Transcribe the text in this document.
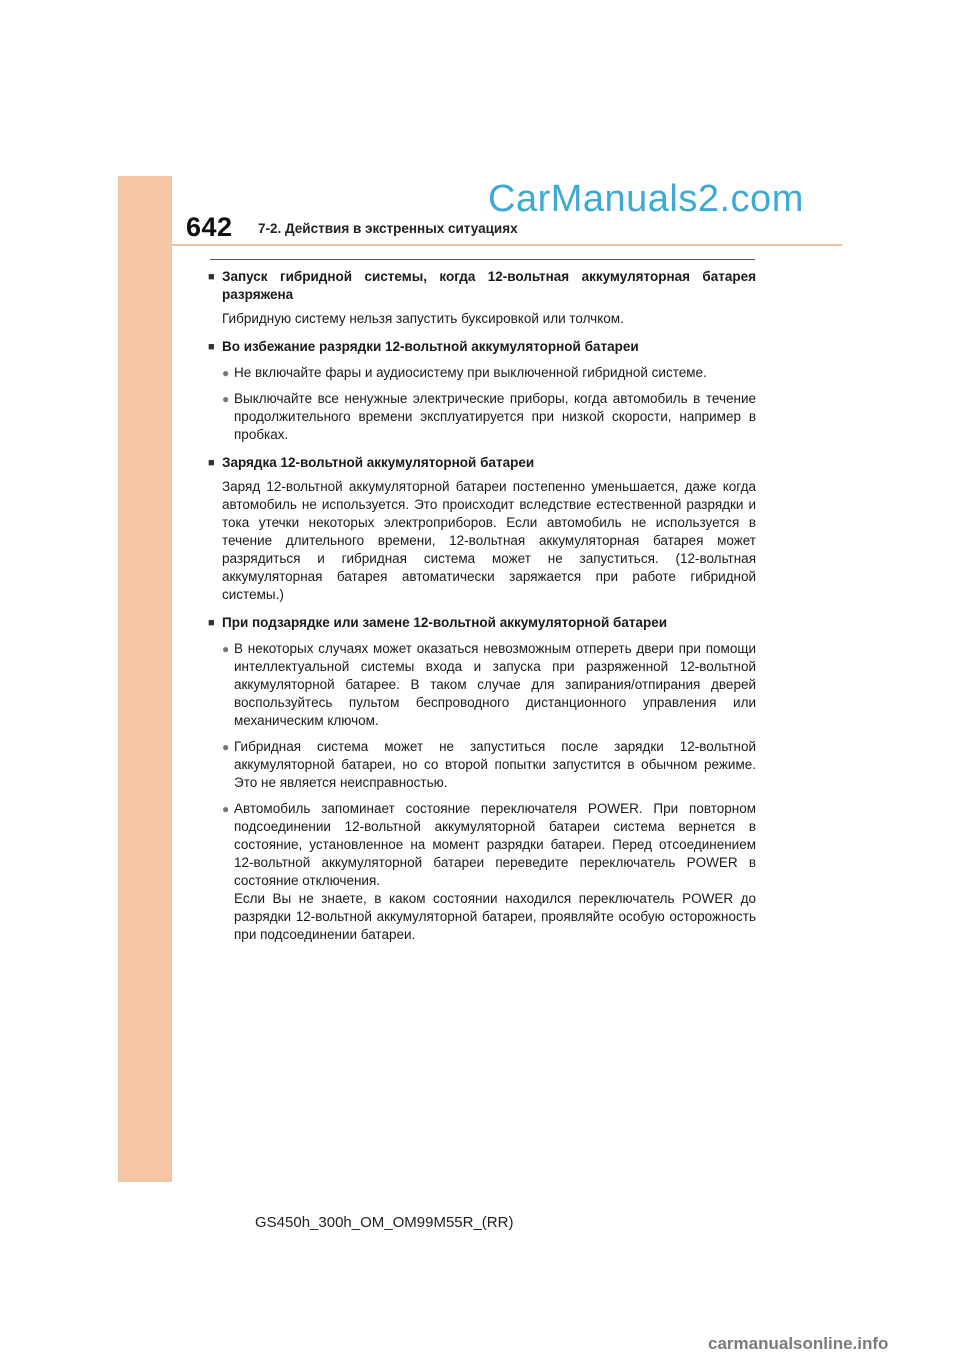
642 7-2. Действия в экстренных ситуациях
CarManuals2.com
■ Запуск гибридной системы, когда 12-вольтная аккумуляторная батарея разряжена
Гибридную систему нельзя запустить буксировкой или толчком.
■ Во избежание разрядки 12-вольтной аккумуляторной батареи
● Не включайте фары и аудиосистему при выключенной гибридной системе.
● Выключайте все ненужные электрические приборы, когда автомобиль в течение продолжительного времени эксплуатируется при низкой скорости, например в пробках.
■ Зарядка 12-вольтной аккумуляторной батареи
Заряд 12-вольтной аккумуляторной батареи постепенно уменьшается, даже когда автомобиль не используется. Это происходит вследствие естественной разрядки и тока утечки некоторых электроприборов. Если автомобиль не используется в течение длительного времени, 12-вольтная аккумуляторная батарея может разрядиться и гибридная система может не запуститься. (12-вольтная аккумуляторная батарея автоматически заряжается при работе гибридной системы.)
■ При подзарядке или замене 12-вольтной аккумуляторной батареи
● В некоторых случаях может оказаться невозможным отпереть двери при помощи интеллектуальной системы входа и запуска при разряженной 12-вольтной аккумуляторной батарее. В таком случае для запирания/отпирания дверей воспользуйтесь пультом беспроводного дистанционного управления или механическим ключом.
● Гибридная система может не запуститься после зарядки 12-вольтной аккумуляторной батареи, но со второй попытки запустится в обычном режиме. Это не является неисправностью.
● Автомобиль запоминает состояние переключателя POWER. При повторном подсоединении 12-вольтной аккумуляторной батареи система вернется в состояние, установленное на момент разрядки батареи. Перед отсоединением 12-вольтной аккумуляторной батареи переведите переключатель POWER в состояние отключения.
Если Вы не знаете, в каком состоянии находился переключатель POWER до разрядки 12-вольтной аккумуляторной батареи, проявляйте особую осторожность при подсоединении батареи.
GS450h_300h_OM_OM99M55R_(RR)
carmanualsonline.info
